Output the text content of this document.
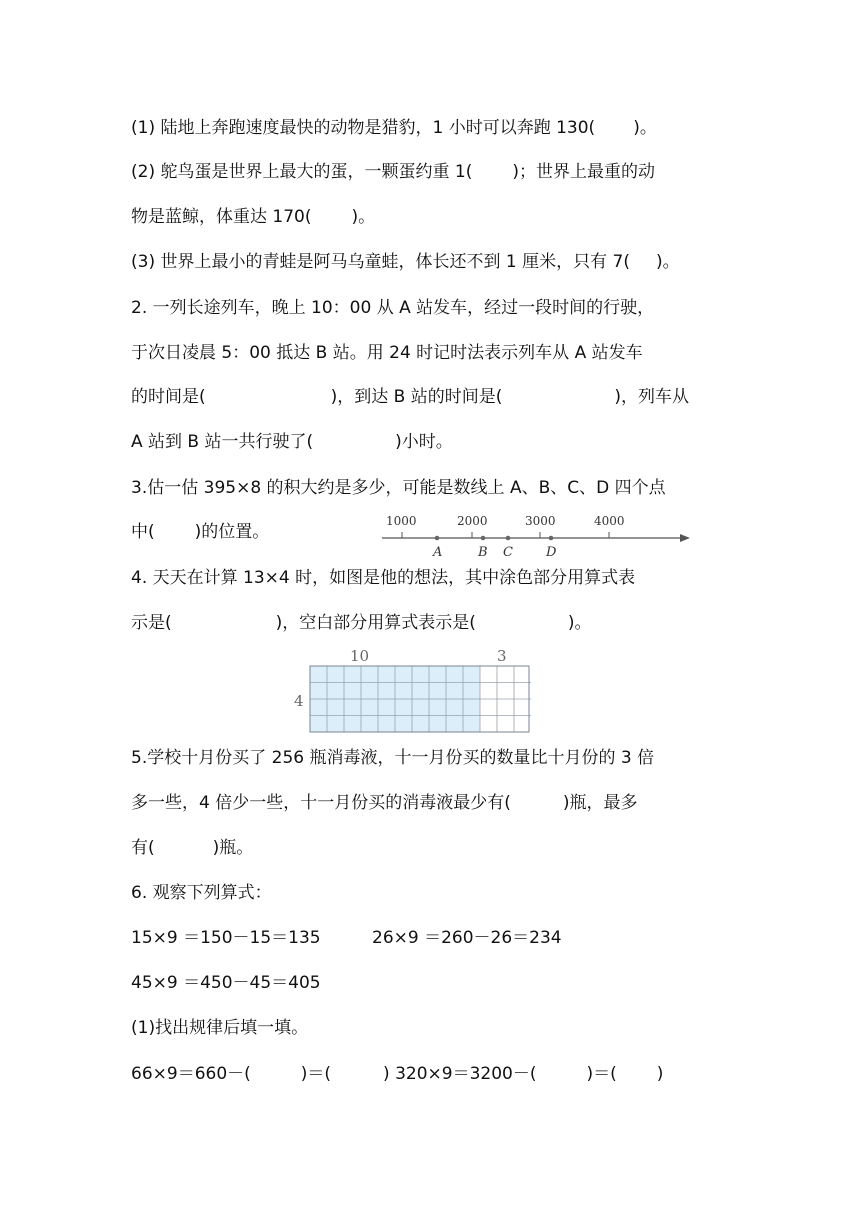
(1) 陆地上奔跑速度最快的动物是猎豹，1 小时可以奔跑 130( )。
(2) 鸵鸟蛋是世界上最大的蛋，一颗蛋约重 1( )；世界上最重的动
物是蓝鲸，体重达 170( )。
(3) 世界上最小的青蛙是阿马乌童蛙，体长还不到 1 厘米，只有 7( )。
2. 一列长途列车，晚上 10：00 从 A 站发车，经过一段时间的行驶，
于次日凌晨 5：00 抵达 B 站。用 24 时记时法表示列车从 A 站发车
的时间是(	)，到达 B 站的时间是(	)，列车从
A 站到 B 站一共行驶了(	)小时。
3.估一估 395×8 的积大约是多少，可能是数线上 A、B、C、D 四个点
中( )的位置。
1000	2000	3000	4000
A	B C	D
4. 天天在计算 13×4 时，如图是他的想法，其中涂色部分用算式表
示是(	)，空白部分用算式表示是(	)。
10	3
4
5.学校十月份买了 256 瓶消毒液，十一月份买的数量比十月份的 3 倍
多一些，4 倍少一些，十一月份买的消毒液最少有(	)瓶，最多
有(	)瓶。
6. 观察下列算式：
15×9 ＝150－15＝135	26×9 ＝260－26＝234
45×9 ＝450－45＝405
(1)找出规律后填一填。
66×9＝660－(	)＝(	) 320×9＝3200－(	)＝( )
